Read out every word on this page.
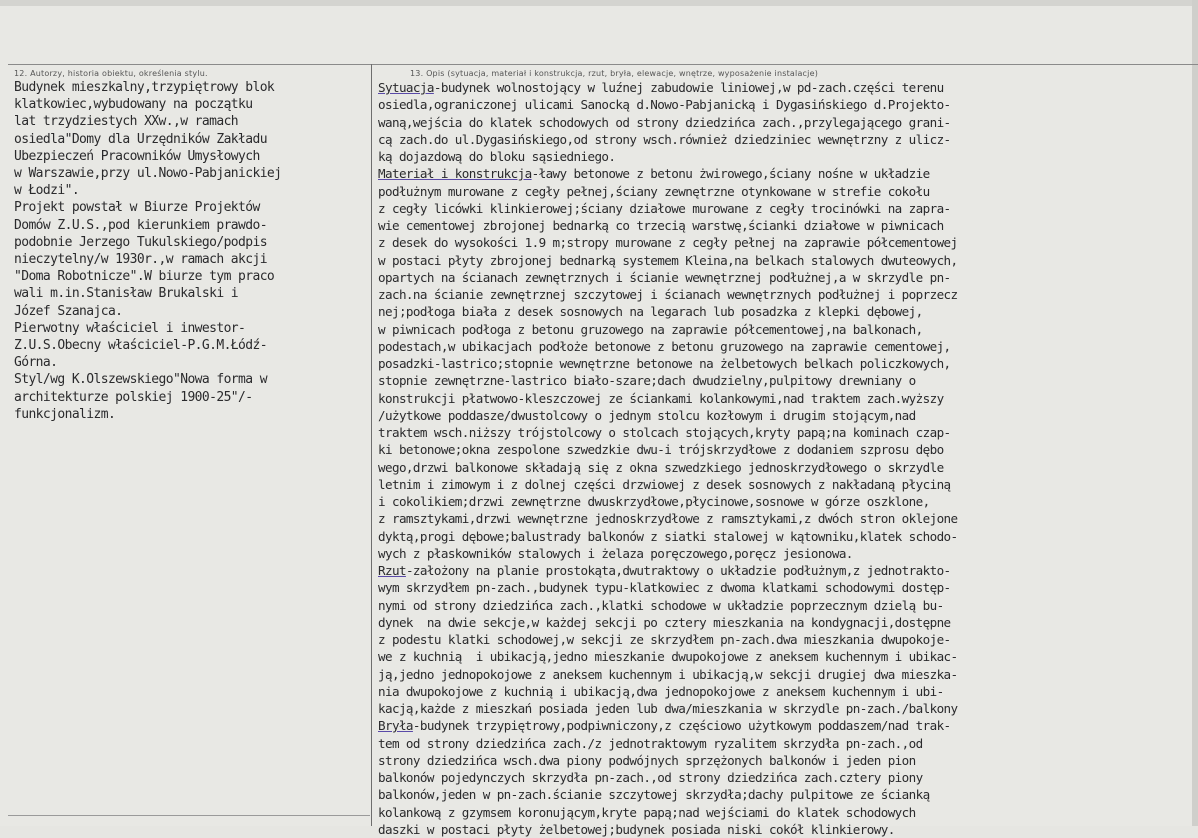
12. Autorzy, historia obiektu, określenia stylu.	13. Opis (sytuacja, materiał i konstrukcja, rzut, bryła, elewacje, wnętrze, wyposażenie instalacje)
Budynek mieszkalny,trzypiętrowy blok
klatkowiec,wybudowany na początku
lat trzydziestych XXw.,w ramach
osiedla"Domy dla Urzędników Zakładu
Ubezpieczeń Pracowników Umysłowych
w Warszawie,przy ul.Nowo-Pabjanickiej
w Łodzi".
Projekt powstał w Biurze Projektów
Domów Z.U.S.,pod kierunkiem prawdo-
podobnie Jerzego Tukulskiego/podpis
nieczytelny/w 1930r.,w ramach akcji
"Doma Robotnicze".W biurze tym praco
wali m.in.Stanisław Brukalski i
Józef Szanajca.
Pierwotny właściciel i inwestor-
Z.U.S.Obecny właściciel-P.G.M.Łódź-
Górna.
Styl/wg K.Olszewskiego"Nowa forma w
architekturze polskiej 1900-25"/-
funkcjonalizm.
Sytuacja-budynek wolnostojący w luźnej zabudowie liniowej,w pd-zach.części terenu
osiedla,ograniczonej ulicami Sanocką d.Nowo-Pabjanicką i Dygasińskiego d.Projekto-
waną,wejścia do klatek schodowych od strony dziedzińca zach.,przylegającego grani-
cą zach.do ul.Dygasińskiego,od strony wsch.również dziedziniec wewnętrzny z ulicz-
ką dojazdową do bloku sąsiedniego.
Materiał i konstrukcja-ławy betonowe z betonu żwirowego,ściany nośne w układzie
podłużnym murowane z cegły pełnej,ściany zewnętrzne otynkowane w strefie cokołu
z cegły licówki klinkierowej;ściany działowe murowane z cegły trocinówki na zapra-
wie cementowej zbrojonej bednarką co trzecią warstwę,ścianki działowe w piwnicach
z desek do wysokości 1.9 m;stropy murowane z cegły pełnej na zaprawie półcementowej
w postaci płyty zbrojonej bednarką systemem Kleina,na belkach stalowych dwuteowych,
opartych na ścianach zewnętrznych i ścianie wewnętrznej podłużnej,a w skrzydle pn-
zach.na ścianie zewnętrznej szczytowej i ścianach wewnętrznych podłużnej i poprzecz
nej;podłoga biała z desek sosnowych na legarach lub posadzka z klepki dębowej,
w piwnicach podłoga z betonu gruzowego na zaprawie półcementowej,na balkonach,
podestach,w ubikacjach podłoże betonowe z betonu gruzowego na zaprawie cementowej,
posadzki-lastrico;stopnie wewnętrzne betonowe na żelbetowych belkach policzkowych,
stopnie zewnętrzne-lastrico biało-szare;dach dwudzielny,pulpitowy drewniany o
konstrukcji płatwowo-kleszczowej ze ściankami kolankowymi,nad traktem zach.wyższy
/użytkowe poddasze/dwustolcowy o jednym stolcu kozłowym i drugim stojącym,nad
traktem wsch.niższy trójstolcowy o stolcach stojących,kryty papą;na kominach czap-
ki betonowe;okna zespolone szwedzkie dwu-i trójskrzydłowe z dodaniem szprosu dębo
wego,drzwi balkonowe składają się z okna szwedzkiego jednoskrzydłowego o skrzydle
letnim i zimowym i z dolnej części drzwiowej z desek sosnowych z nakładaną płyciną
i cokolikiem;drzwi zewnętrzne dwuskrzydłowe,płycinowe,sosnowe w górze oszklone,
z ramsztykami,drzwi wewnętrzne jednoskrzydłowe z ramsztykami,z dwóch stron oklejone
dyktą,progi dębowe;balustrady balkonów z siatki stalowej w kątowniku,klatek schodo-
wych z płaskowników stalowych i żelaza poręczowego,poręcz jesionowa.
Rzut-założony na planie prostokąta,dwutraktowy o układzie podłużnym,z jednotrakto-
wym skrzydłem pn-zach.,budynek typu-klatkowiec z dwoma klatkami schodowymi dostęp-
nymi od strony dziedzińca zach.,klatki schodowe w układzie poprzecznym dzielą bu-
dynek  na dwie sekcje,w każdej sekcji po cztery mieszkania na kondygnacji,dostępne
z podestu klatki schodowej,w sekcji ze skrzydłem pn-zach.dwa mieszkania dwupokoje-
we z kuchnią  i ubikacją,jedno mieszkanie dwupokojowe z aneksem kuchennym i ubikac-
ją,jedno jednopokojowe z aneksem kuchennym i ubikacją,w sekcji drugiej dwa mieszka-
nia dwupokojowe z kuchnią i ubikacją,dwa jednopokojowe z aneksem kuchennym i ubi-
kacją,każde z mieszkań posiada jeden lub dwa/mieszkania w skrzydle pn-zach./balkony
Bryła-budynek trzypiętrowy,podpiwniczony,z częściowo użytkowym poddaszem/nad trak-
tem od strony dziedzińca zach./z jednotraktowym ryzalitem skrzydła pn-zach.,od
strony dziedzińca wsch.dwa piony podwójnych sprzężonych balkonów i jeden pion
balkonów pojedynczych skrzydła pn-zach.,od strony dziedzińca zach.cztery piony
balkonów,jeden w pn-zach.ścianie szczytowej skrzydła;dachy pulpitowe ze ścianką
kolankową z gzymsem koronującym,kryte papą;nad wejściami do klatek schodowych
daszki w postaci płyty żelbetowej;budynek posiada niski cokół klinkierowy.
